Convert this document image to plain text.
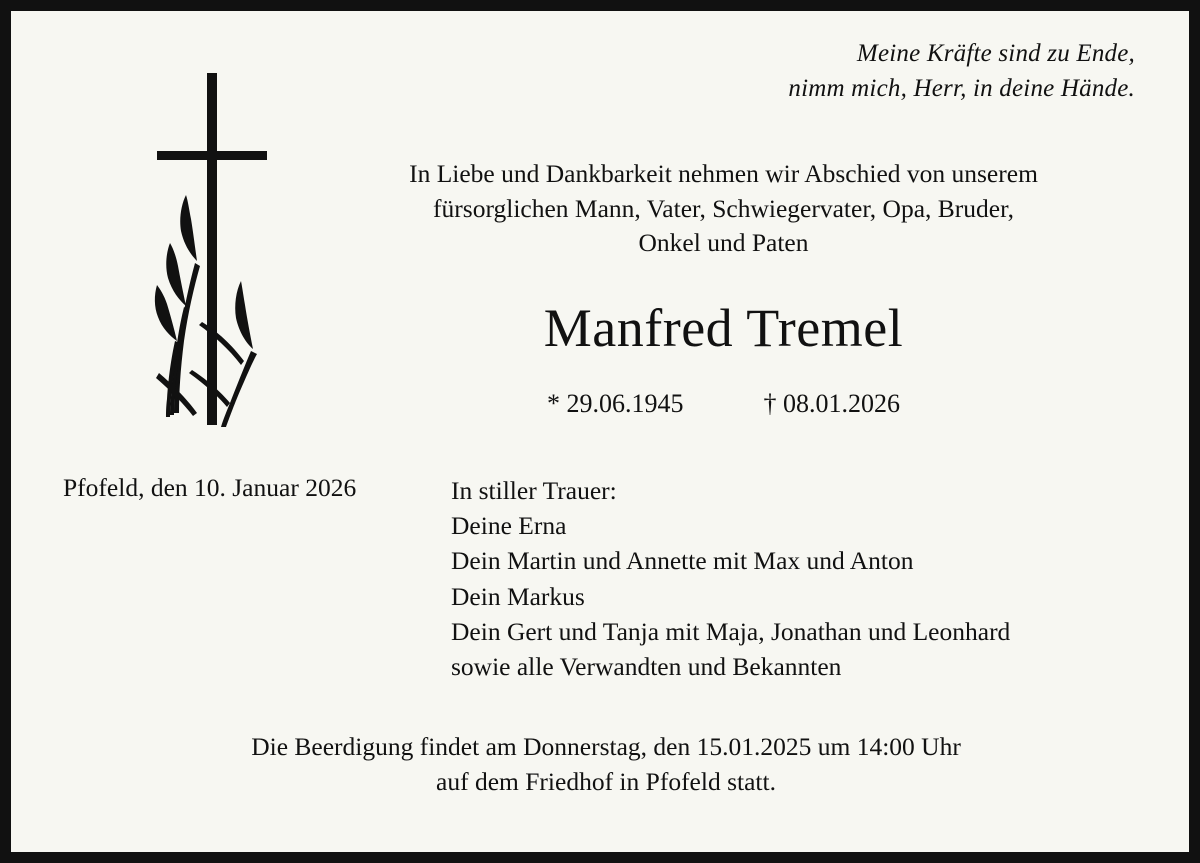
Meine Kräfte sind zu Ende,
nimm mich, Herr, in deine Hände.
In Liebe und Dankbarkeit nehmen wir Abschied von unserem
fürsorglichen Mann, Vater, Schwiegervater, Opa, Bruder,
Onkel und Paten
Manfred Tremel
* 29.06.1945	† 08.01.2026
Pfofeld, den 10. Januar 2026	In stiller Trauer:
Deine Erna
Dein Martin und Annette mit Max und Anton
Dein Markus
Dein Gert und Tanja mit Maja, Jonathan und Leonhard
sowie alle Verwandten und Bekannten
Die Beerdigung findet am Donnerstag, den 15.01.2025 um 14:00 Uhr
auf dem Friedhof in Pfofeld statt.
